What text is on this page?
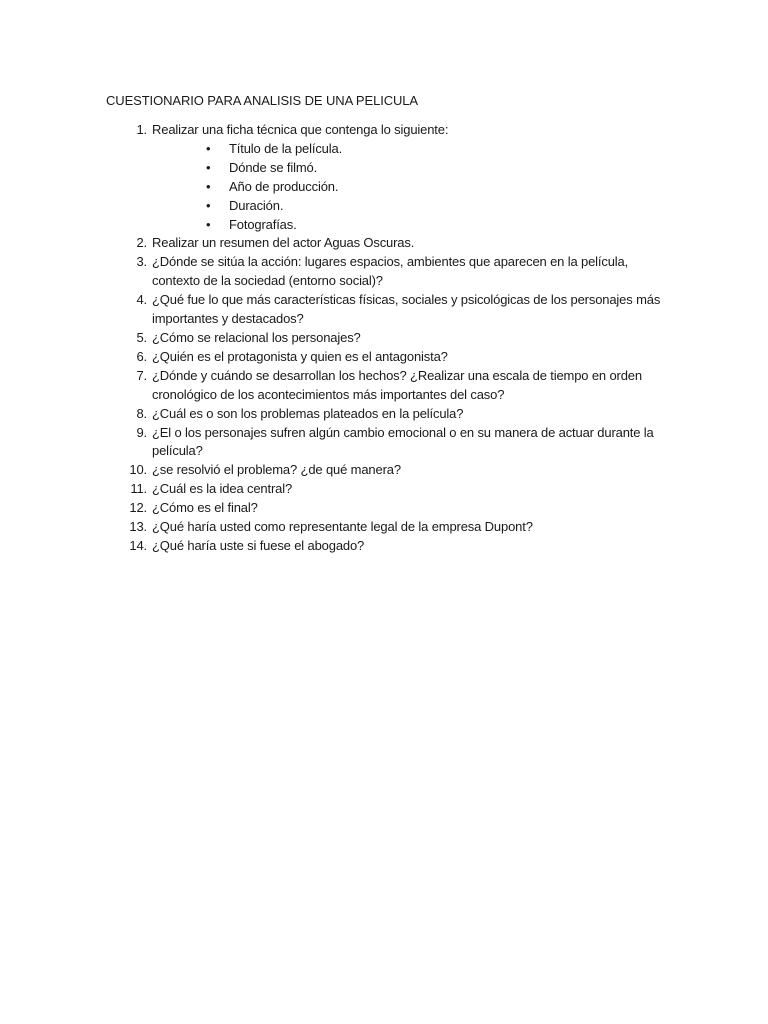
CUESTIONARIO PARA ANALISIS DE UNA PELICULA
1. Realizar una ficha técnica que contenga lo siguiente:
• Título de la película.
• Dónde se filmó.
• Año de producción.
• Duración.
• Fotografías.
2. Realizar un resumen del actor Aguas Oscuras.
3. ¿Dónde se sitúa la acción: lugares espacios, ambientes que aparecen en la película, contexto de la sociedad (entorno social)?
4. ¿Qué fue lo que más características físicas, sociales y psicológicas de los personajes más importantes y destacados?
5. ¿Cómo se relacional los personajes?
6. ¿Quién es el protagonista y quien es el antagonista?
7. ¿Dónde y cuándo se desarrollan los hechos? ¿Realizar una escala de tiempo en orden cronológico de los acontecimientos más importantes del caso?
8. ¿Cuál es o son los problemas plateados en la película?
9. ¿El o los personajes sufren algún cambio emocional o en su manera de actuar durante la película?
10. ¿se resolvió el problema? ¿de qué manera?
11. ¿Cuál es la idea central?
12. ¿Cómo es el final?
13. ¿Qué haría usted como representante legal de la empresa Dupont?
14. ¿Qué haría uste si fuese el abogado?
